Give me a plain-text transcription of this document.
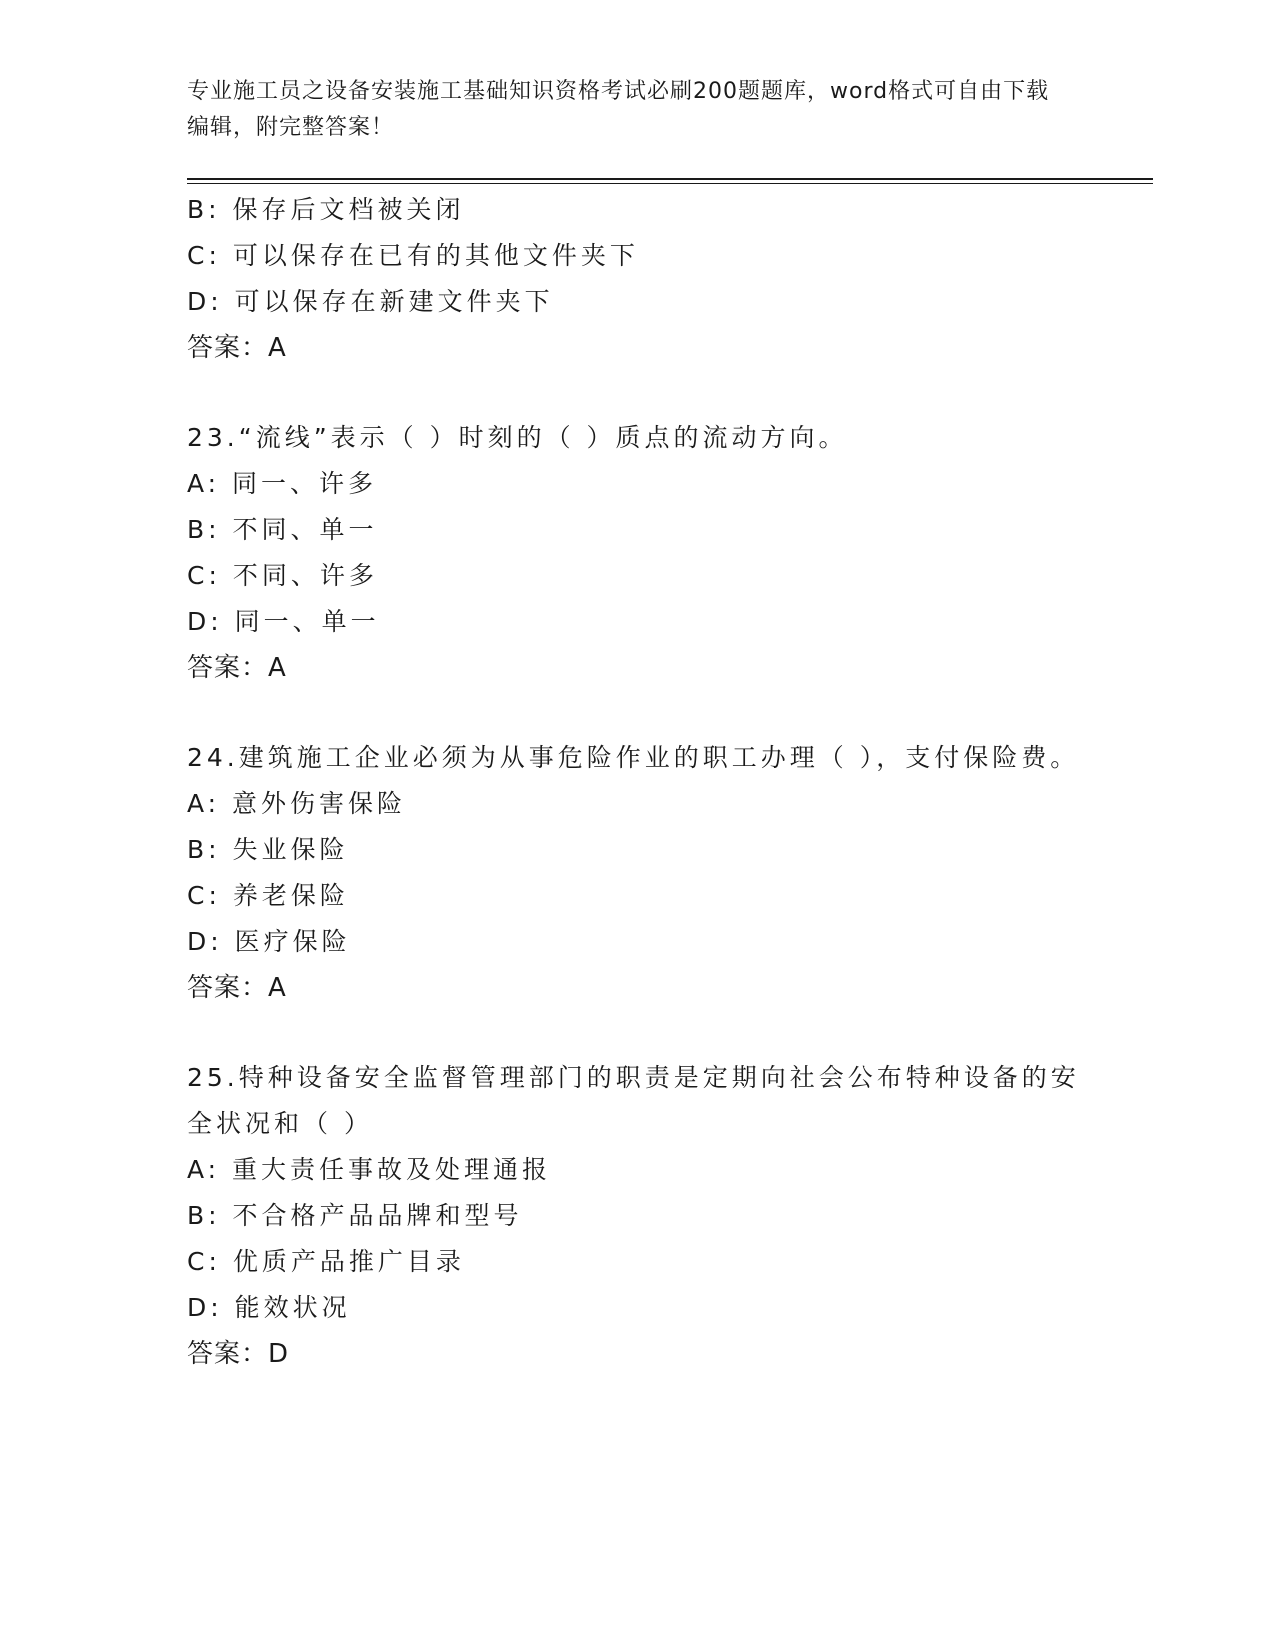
专业施工员之设备安装施工基础知识资格考试必刷200题题库，word格式可自由下载编辑，附完整答案！
B: 保存后文档被关闭
C: 可以保存在已有的其他文件夹下
D: 可以保存在新建文件夹下
答案：A
23.“流线”表示（ ）时刻的（ ）质点的流动方向。
A: 同一、许多
B: 不同、单一
C: 不同、许多
D: 同一、单一
答案：A
24.建筑施工企业必须为从事危险作业的职工办理（ ），支付保险费。
A: 意外伤害保险
B: 失业保险
C: 养老保险
D: 医疗保险
答案：A
25.特种设备安全监督管理部门的职责是定期向社会公布特种设备的安全状况和（ ）
A: 重大责任事故及处理通报
B: 不合格产品品牌和型号
C: 优质产品推广目录
D: 能效状况
答案：D
